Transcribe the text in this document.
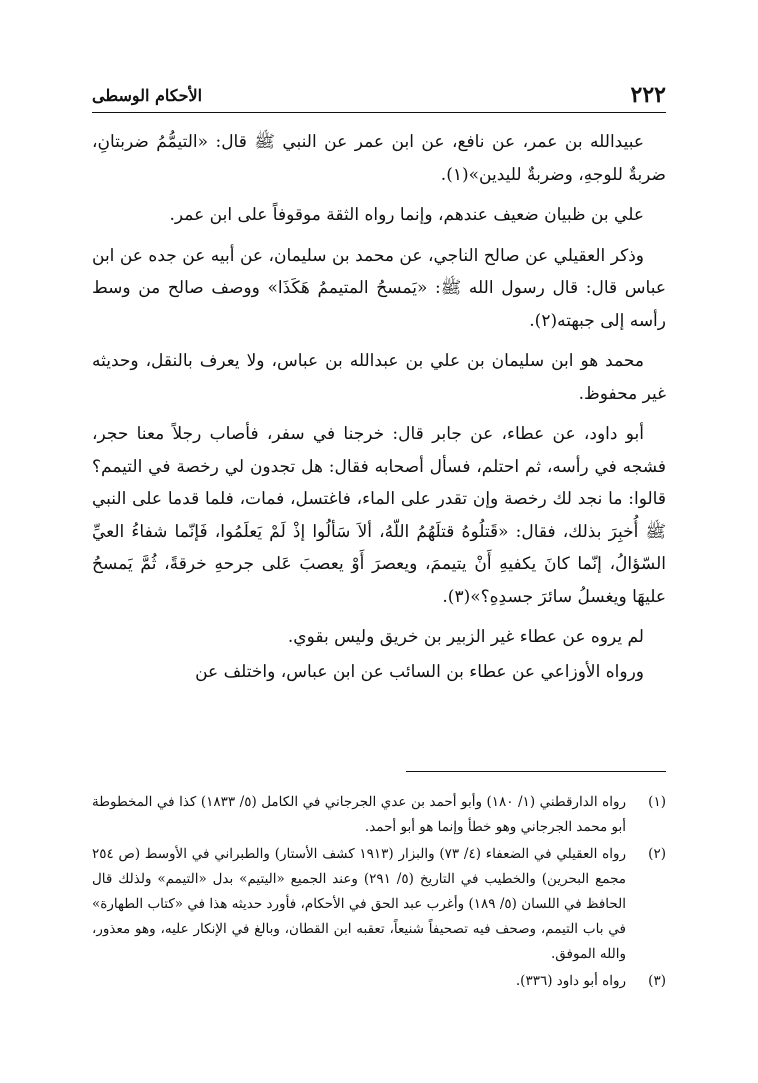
٢٢٢
الأحكام الوسطى

عبيدالله بن عمر، عن نافع، عن ابن عمر عن النبي ﷺ قال: «التيمُّمُ ضربتانِ، ضربةٌ للوجهِ، وضربةٌ لليدين»(١).

علي بن ظبيان ضعيف عندهم، وإنما رواه الثقة موقوفاً على ابن عمر.

وذكر العقيلي عن صالح الناجي، عن محمد بن سليمان، عن أبيه عن جده عن ابن عباس قال: قال رسول الله ﷺ: «يَمسحُ المتيممُ هَكَذَا» ووصف صالح من وسط رأسه إلى جبهته(٢).

محمد هو ابن سليمان بن علي بن عبدالله بن عباس، ولا يعرف بالنقل، وحديثه غير محفوظ.

أبو داود، عن عطاء، عن جابر قال: خرجنا في سفر، فأصاب رجلاً معنا حجر، فشجه في رأسه، ثم احتلم، فسأل أصحابه فقال: هل تجدون لي رخصة في التيمم؟ قالوا: ما نجد لك رخصة وإن تقدر على الماء، فاغتسل، فمات، فلما قدما على النبي ﷺ أُخبِرَ بذلك، فقال: «قَتلُوهُ قتلَهُمُ اللّهُ، ألاَ سَألُوا إذْ لَمْ يَعلَمُوا، فَإنّما شفاءُ العيِّ السّؤالُ، إنّما كانَ يكفيهِ أَنْ يتيممَ، ويعصرَ أَوْ يعصبَ عَلى جرحهِ خرقةً، ثُمَّ يَمسحُ عليهَا ويغسلُ سائرَ جسدِهِ؟»(٣).

لم يروه عن عطاء غير الزبير بن خريق وليس بقوي.

ورواه الأوزاعي عن عطاء بن السائب عن ابن عباس، واختلف عن

(١)
رواه الدارقطني (١/ ١٨٠) وأبو أحمد بن عدي الجرجاني في الكامل (٥/ ١٨٣٣) كذا في المخطوطة أبو محمد الجرجاني وهو خطأ وإنما هو أبو أحمد.
(٢)
رواه العقيلي في الضعفاء (٤/ ٧٣) والبزار (١٩١٣ كشف الأستار) والطبراني في الأوسط (ص ٢٥٤ مجمع البحرين) والخطيب في التاريخ (٥/ ٢٩١) وعند الجميع «اليتيم» بدل «التيمم» ولذلك قال الحافظ في اللسان (٥/ ١٨٩) وأغرب عبد الحق في الأحكام، فأورد حديثه هذا في «كتاب الطهارة» في باب التيمم، وصحف فيه تصحيفاً شنيعاً، تعقبه ابن القطان، وبالغ في الإنكار عليه، وهو معذور، والله الموفق.
(٣)
رواه أبو داود (٣٣٦).
